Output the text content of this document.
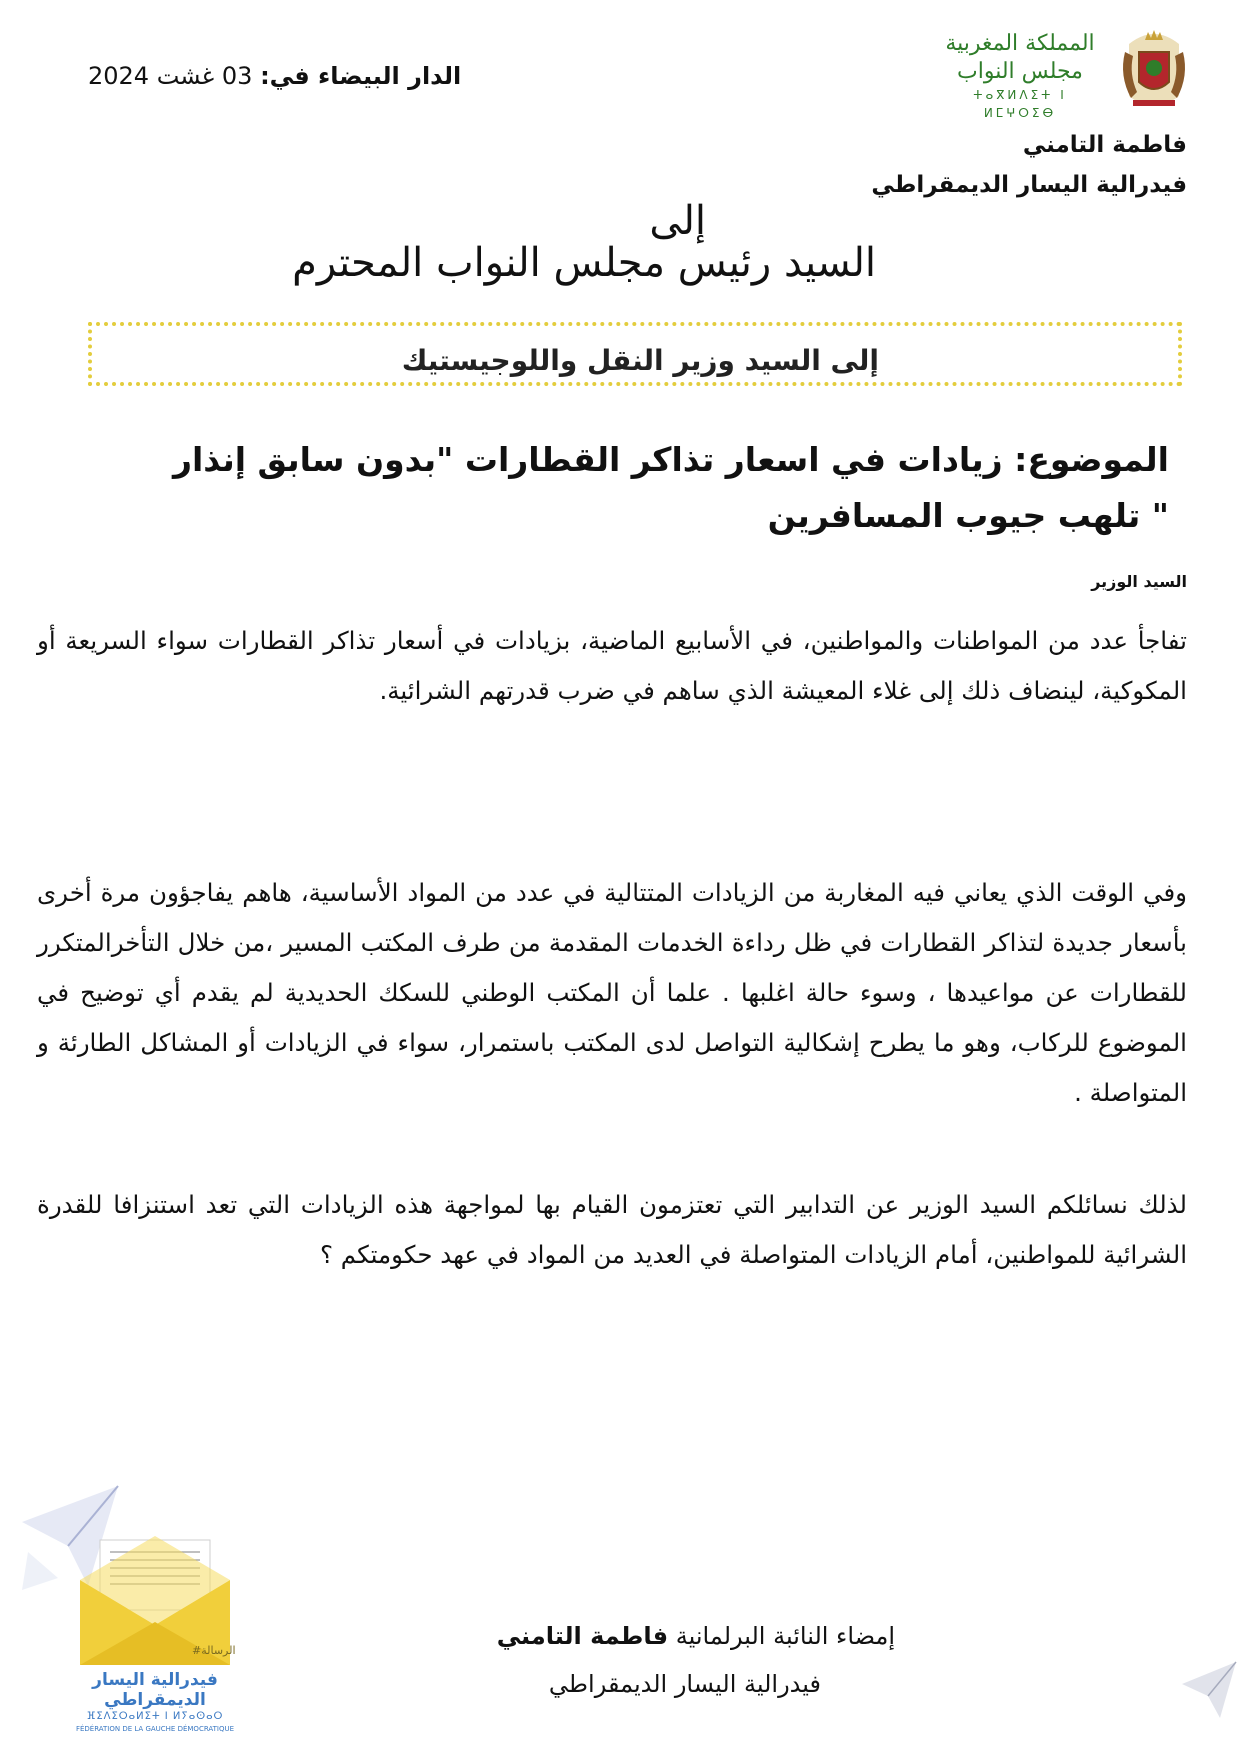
الدار البيضاء في: 03 غشت 2024
المملكة المغربية
مجلس النواب
ⵜⴰⴳⵍⴷⵉⵜ ⵏ ⵍⵎⵖⵔⵉⴱ
فاطمة التامني
فيدرالية اليسار الديمقراطي
إلى
السيد رئيس مجلس النواب المحترم
إلى السيد وزير النقل واللوجيستيك
الموضوع: زيادات في اسعار تذاكر القطارات "بدون سابق إنذار " تلهب جيوب المسافرين
السيد الوزير
تفاجأ عدد من المواطنات والمواطنين، في الأسابيع الماضية، بزيادات في أسعار تذاكر القطارات سواء السريعة أو المكوكية، لينضاف ذلك إلى غلاء المعيشة الذي ساهم في ضرب قدرتهم الشرائية.
وفي الوقت الذي يعاني فيه المغاربة من الزيادات المتتالية في عدد من المواد الأساسية، هاهم يفاجؤون مرة أخرى بأسعار جديدة لتذاكر القطارات في ظل رداءة الخدمات المقدمة من طرف المكتب المسير ،من خلال التأخرالمتكرر للقطارات عن مواعيدها ، وسوء حالة اغلبها . علما أن المكتب الوطني للسكك الحديدية لم يقدم أي توضيح في الموضوع للركاب، وهو ما يطرح إشكالية التواصل لدى المكتب باستمرار، سواء في الزيادات أو المشاكل الطارئة و المتواصلة .
لذلك نسائلكم السيد الوزير عن التدابير التي تعتزمون القيام بها لمواجهة هذه الزيادات التي تعد استنزافا للقدرة الشرائية للمواطنين، أمام الزيادات المتواصلة في العديد من المواد في عهد حكومتكم ؟
#الرسالة
فيدرالية اليسار الديمقراطي
ⴼⵉⴷⵉⵔⴰⵍⵉⵜ ⵏ ⵍⵢⴰⵙⴰⵔ
FÉDÉRATION DE LA GAUCHE DÉMOCRATIQUE
إمضاء النائبة البرلمانية فاطمة التامني
فيدرالية اليسار الديمقراطي
